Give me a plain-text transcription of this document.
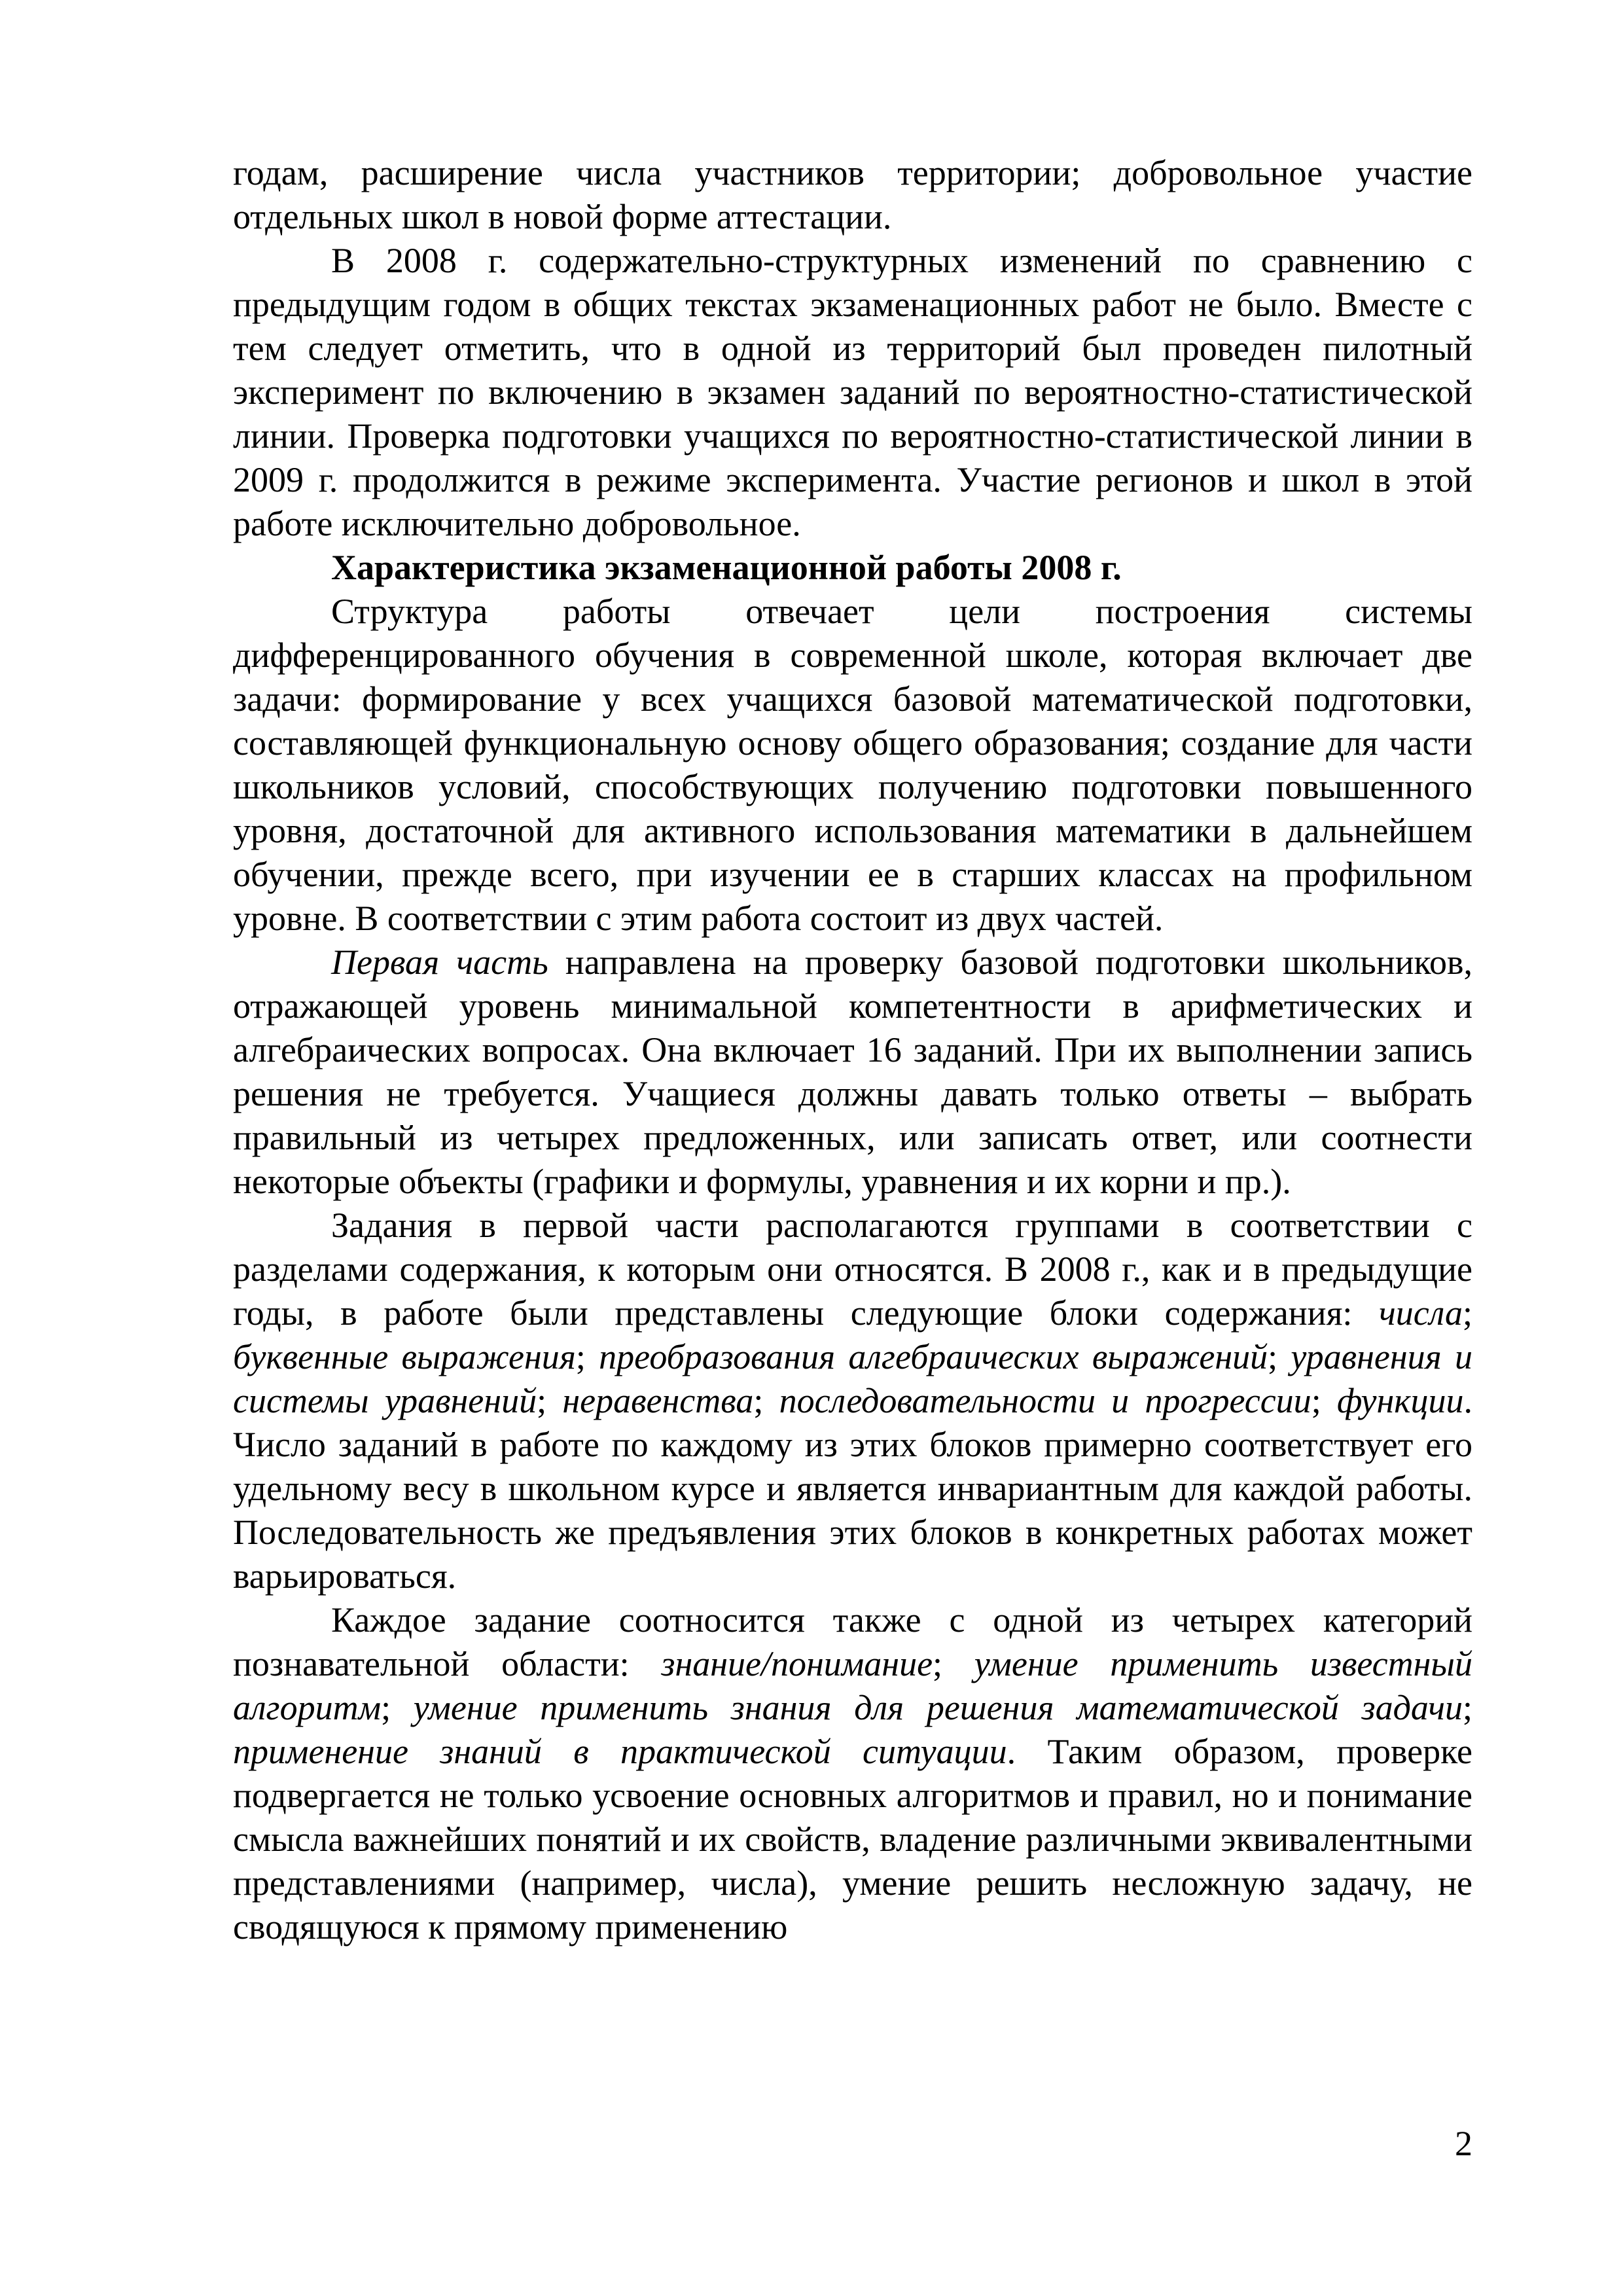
годам, расширение числа участников территории; добровольное участие отдельных школ в новой форме аттестации.

В 2008 г. содержательно-структурных изменений по сравнению с предыдущим годом в общих текстах экзаменационных работ не было. Вместе с тем следует отметить, что в одной из территорий был проведен пилотный эксперимент по включению в экзамен заданий по вероятностно-статистической линии. Проверка подготовки учащихся по вероятностно-статистической линии в 2009 г. продолжится в режиме эксперимента. Участие регионов и школ в этой работе исключительно добровольное.

Характеристика экзаменационной работы 2008 г.

Структура работы отвечает цели построения системы дифференцированного обучения в современной школе, которая включает две задачи: формирование у всех учащихся базовой математической подготовки, составляющей функциональную основу общего образования; создание для части школьников условий, способствующих получению подготовки повышенного уровня, достаточной для активного использования математики в дальнейшем обучении, прежде всего, при изучении ее в старших классах на профильном уровне. В соответствии с этим работа состоит из двух частей.

Первая часть направлена на проверку базовой подготовки школьников, отражающей уровень минимальной компетентности в арифметических и алгебраических вопросах. Она включает 16 заданий. При их выполнении запись решения не требуется. Учащиеся должны давать только ответы – выбрать правильный из четырех предложенных, или записать ответ, или соотнести некоторые объекты (графики и формулы, уравнения и их корни и пр.).

Задания в первой части располагаются группами в соответствии с разделами содержания, к которым они относятся. В 2008 г., как и в предыдущие годы, в работе были представлены следующие блоки содержания: числа; буквенные выражения; преобразования алгебраических выражений; уравнения и системы уравнений; неравенства; последовательности и прогрессии; функции. Число заданий в работе по каждому из этих блоков примерно соответствует его удельному весу в школьном курсе и является инвариантным для каждой работы. Последовательность же предъявления этих блоков в конкретных работах может варьироваться.

Каждое задание соотносится также с одной из четырех категорий познавательной области: знание/понимание; умение применить известный алгоритм; умение применить знания для решения математической задачи; применение знаний в практической ситуации. Таким образом, проверке подвергается не только усвоение основных алгоритмов и правил, но и понимание смысла важнейших понятий и их свойств, владение различными эквивалентными представлениями (например, числа), умение решить несложную задачу, не сводящуюся к прямому применению

2
